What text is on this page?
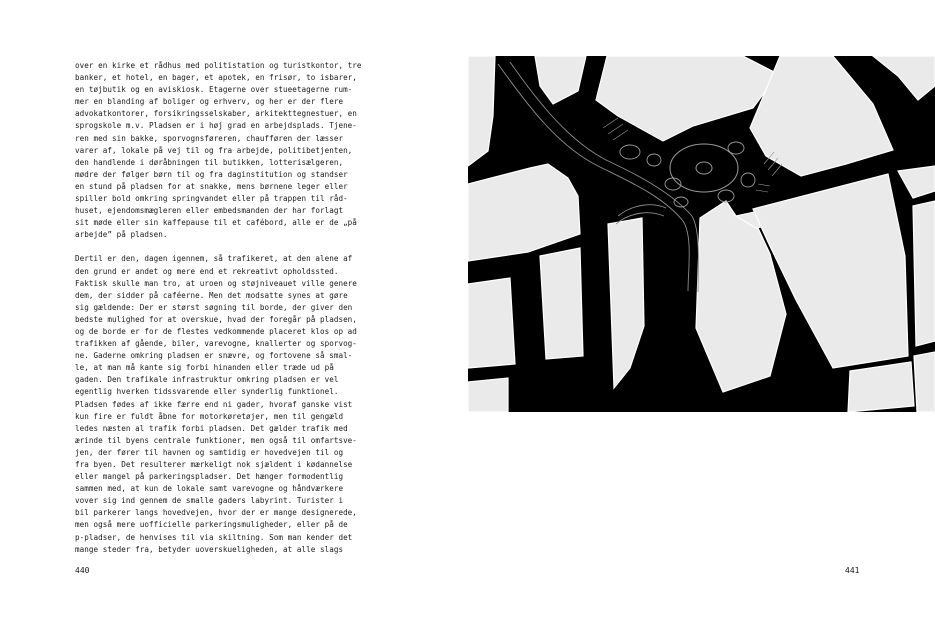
over en kirke et rådhus med politistation og turistkontor, tre
banker, et hotel, en bager, et apotek, en frisør, to isbarer,
en tøjbutik og en aviskiosk. Etagerne over stueetagerne rum-
mer en blanding af boliger og erhverv, og her er der flere
advokatkontorer, forsikringsselskaber, arkitekttegnestuer, en
sprogskole m.v. Pladsen er i høj grad en arbejdsplads. Tjene-
ren med sin bakke, sporvognsføreren, chaufføren der læsser
varer af, lokale på vej til og fra arbejde, politibetjenten,
den handlende i døråbningen til butikken, lotterisælgeren,
mødre der følger børn til og fra daginstitution og standser
en stund på pladsen for at snakke, mens børnene leger eller
spiller bold omkring springvandet eller på trappen til råd-
huset, ejendomsmægleren eller embedsmanden der har forlagt
sit møde eller sin kaffepause til et cafébord, alle er de „på
arbejde” på pladsen.

Dertil er den, dagen igennem, så trafikeret, at den alene af
den grund er andet og mere end et rekreativt opholdssted.
Faktisk skulle man tro, at uroen og støjniveauet ville genere
dem, der sidder på caféerne. Men det modsatte synes at gøre
sig gældende: Der er størst søgning til borde, der giver den
bedste mulighed for at overskue, hvad der foregår på pladsen,
og de borde er for de flestes vedkommende placeret klos op ad
trafikken af gående, biler, varevogne, knallerter og sporvog-
ne. Gaderne omkring pladsen er snævre, og fortovene så smal-
le, at man må kante sig forbi hinanden eller træde ud på
gaden. Den trafikale infrastruktur omkring pladsen er vel
egentlig hverken tidssvarende eller synderlig funktionel.
Pladsen fødes af ikke færre end ni gader, hvoraf ganske vist
kun fire er fuldt åbne for motorkøretøjer, men til gengæld
ledes næsten al trafik forbi pladsen. Det gælder trafik med
ærinde til byens centrale funktioner, men også til omfartsve-
jen, der fører til havnen og samtidig er hovedvejen til og
fra byen. Det resulterer mærkeligt nok sjældent i kødannelse
eller mangel på parkeringspladser. Det hænger formodentlig
sammen med, at kun de lokale samt varevogne og håndværkere
vover sig ind gennem de smalle gaders labyrint. Turister i
bil parkerer langs hovedvejen, hvor der er mange designerede,
men også mere uofficielle parkeringsmuligheder, eller på de
p-pladser, de henvises til via skiltning. Som man kender det
mange steder fra, betyder uoverskueligheden, at alle slags

440	441
